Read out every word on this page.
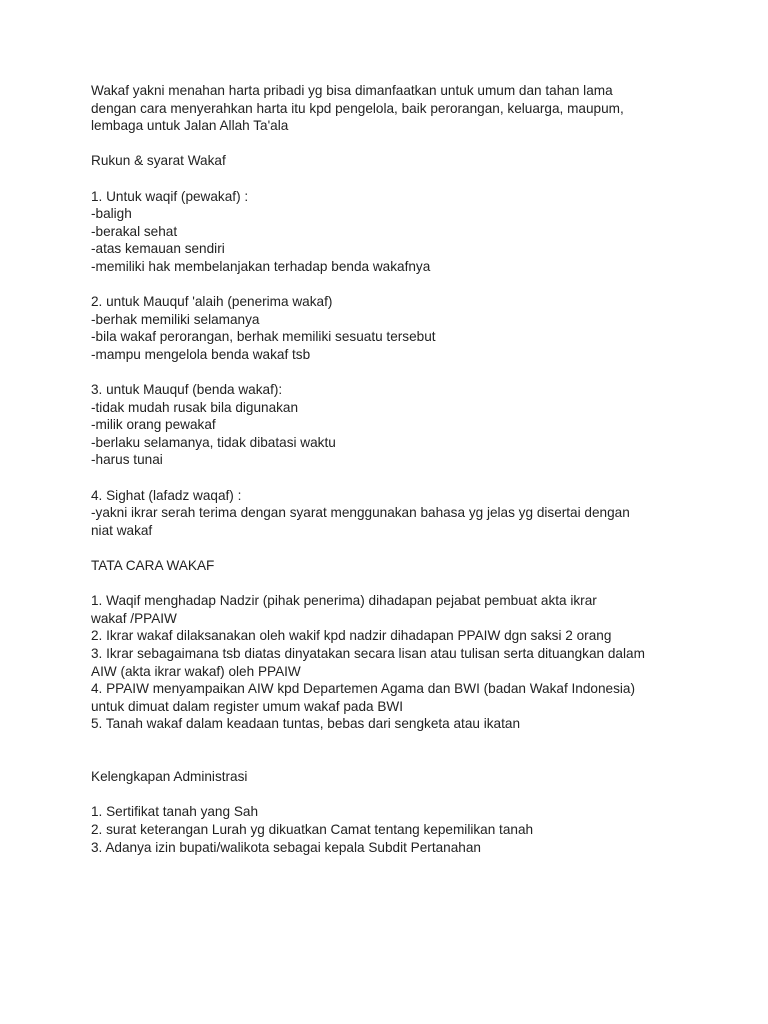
Wakaf yakni menahan harta pribadi yg bisa dimanfaatkan untuk umum dan tahan lama
dengan cara menyerahkan harta itu kpd pengelola, baik perorangan, keluarga, maupum,
lembaga untuk Jalan Allah Ta'ala
Rukun & syarat Wakaf
1. Untuk waqif (pewakaf) :
-baligh
-berakal sehat
-atas kemauan sendiri
-memiliki hak membelanjakan terhadap benda wakafnya
2. untuk Mauquf 'alaih (penerima wakaf)
-berhak memiliki selamanya
-bila wakaf perorangan, berhak memiliki sesuatu tersebut
-mampu mengelola benda wakaf tsb
3. untuk Mauquf (benda wakaf):
-tidak mudah rusak bila digunakan
-milik orang pewakaf
-berlaku selamanya, tidak dibatasi waktu
-harus tunai
4. Sighat (lafadz waqaf) :
-yakni ikrar serah terima dengan syarat menggunakan bahasa yg jelas yg disertai dengan
niat wakaf
TATA CARA WAKAF
1. Waqif menghadap Nadzir (pihak penerima) dihadapan pejabat pembuat akta ikrar
wakaf /PPAIW
2. Ikrar wakaf dilaksanakan oleh wakif kpd nadzir dihadapan PPAIW dgn saksi 2 orang
3. Ikrar sebagaimana tsb diatas dinyatakan secara lisan atau tulisan serta dituangkan dalam
AIW (akta ikrar wakaf) oleh PPAIW
4. PPAIW menyampaikan AIW kpd Departemen Agama dan BWI (badan Wakaf Indonesia)
untuk dimuat dalam register umum wakaf pada BWI
5. Tanah wakaf dalam keadaan tuntas, bebas dari sengketa atau ikatan
Kelengkapan Administrasi
1. Sertifikat tanah yang Sah
2. surat keterangan Lurah yg dikuatkan Camat tentang kepemilikan tanah
3. Adanya izin bupati/walikota sebagai kepala Subdit Pertanahan
